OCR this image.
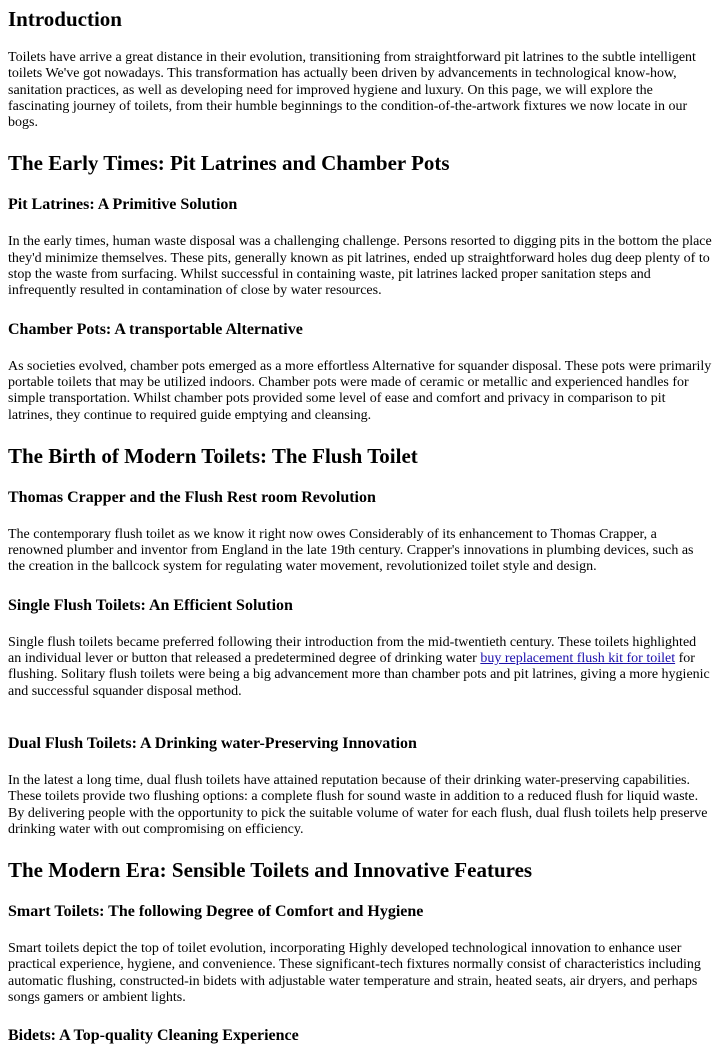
Introduction

Toilets have arrive a great distance in their evolution, transitioning from straightforward pit latrines to the subtle intelligent toilets We've got nowadays. This transformation has actually been driven by advancements in technological know-how, sanitation practices, as well as developing need for improved hygiene and luxury. On this page, we will explore the fascinating journey of toilets, from their humble beginnings to the condition-of-the-artwork fixtures we now locate in our bogs.

The Early Times: Pit Latrines and Chamber Pots
Pit Latrines: A Primitive Solution

In the early times, human waste disposal was a challenging challenge. Persons resorted to digging pits in the bottom the place they'd minimize themselves. These pits, generally known as pit latrines, ended up straightforward holes dug deep plenty of to stop the waste from surfacing. Whilst successful in containing waste, pit latrines lacked proper sanitation steps and infrequently resulted in contamination of close by water resources.

Chamber Pots: A transportable Alternative

As societies evolved, chamber pots emerged as a more effortless Alternative for squander disposal. These pots were primarily portable toilets that may be utilized indoors. Chamber pots were made of ceramic or metallic and experienced handles for simple transportation. Whilst chamber pots provided some level of ease and comfort and privacy in comparison to pit latrines, they continue to required guide emptying and cleansing.

The Birth of Modern Toilets: The Flush Toilet
Thomas Crapper and the Flush Rest room Revolution

The contemporary flush toilet as we know it right now owes Considerably of its enhancement to Thomas Crapper, a renowned plumber and inventor from England in the late 19th century. Crapper's innovations in plumbing devices, such as the creation in the ballcock system for regulating water movement, revolutionized toilet style and design.

Single Flush Toilets: An Efficient Solution

Single flush toilets became preferred following their introduction from the mid-twentieth century. These toilets highlighted an individual lever or button that released a predetermined degree of drinking water buy replacement flush kit for toilet for flushing. Solitary flush toilets were being a big advancement more than chamber pots and pit latrines, giving a more hygienic and successful squander disposal method.

Dual Flush Toilets: A Drinking water-Preserving Innovation

In the latest a long time, dual flush toilets have attained reputation because of their drinking water-preserving capabilities. These toilets provide two flushing options: a complete flush for sound waste in addition to a reduced flush for liquid waste. By delivering people with the opportunity to pick the suitable volume of water for each flush, dual flush toilets help preserve drinking water with out compromising on efficiency.

The Modern Era: Sensible Toilets and Innovative Features
Smart Toilets: The following Degree of Comfort and Hygiene

Smart toilets depict the top of toilet evolution, incorporating Highly developed technological innovation to enhance user practical experience, hygiene, and convenience. These significant-tech fixtures normally consist of characteristics including automatic flushing, constructed-in bidets with adjustable water temperature and strain, heated seats, air dryers, and perhaps songs gamers or ambient lights.

Bidets: A Top-quality Cleaning Experience
